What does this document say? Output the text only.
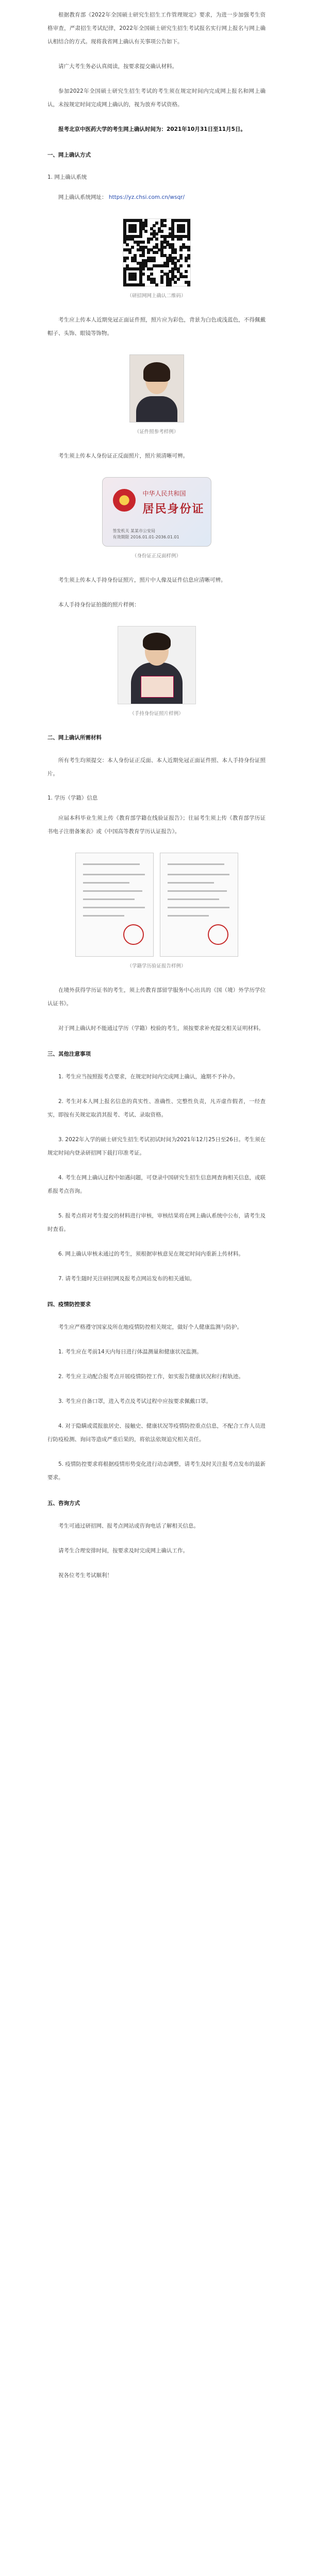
根据教育部《2022年全国硕士研究生招生工作管理规定》要求，为进一步加强考生资格审查，严肃招生考试纪律，2022年全国硕士研究生招生考试报名实行网上报名与网上确认相结合的方式。现将我省网上确认有关事项公告如下。

请广大考生务必认真阅读，按要求提交确认材料。

参加2022年全国硕士研究生招生考试的考生须在规定时间内完成网上报名和网上确认，未按规定时间完成网上确认的，视为放弃考试资格。

报考北京中医药大学的考生网上确认时间为：2021年10月31日至11月5日。

一、网上确认方式
1. 网上确认系统

网上确认系统网址： https://yz.chsi.com.cn/wsqr/

（研招网网上确认二维码）

考生应上传本人近期免冠正面证件照，照片应为彩色，背景为白色或浅蓝色，不得佩戴帽子、头饰、眼镜等饰物。

（证件照参考样例）

考生须上传本人身份证正反面照片，照片须清晰可辨。

中华人民共和国
居民身份证
签发机关 某某市公安局
有效期限 2016.01.01-2036.01.01
（身份证正反面样例）

考生须上传本人手持身份证照片，照片中人像及证件信息应清晰可辨。

本人手持身份证拍摄的照片样例：

（手持身份证照片样例）
二、网上确认所需材料

所有考生均须提交：本人身份证正反面、本人近期免冠正面证件照、本人手持身份证照片。

1. 学历（学籍）信息

应届本科毕业生须上传《教育部学籍在线验证报告》；往届考生须上传《教育部学历证书电子注册备案表》或《中国高等教育学历认证报告》。

（学籍学历验证报告样例）

在境外获得学历证书的考生，须上传教育部留学服务中心出具的《国（境）外学历学位认证书》。

对于网上确认时不能通过学历（学籍）校验的考生，须按要求补充提交相关证明材料。

三、其他注意事项

1. 考生应当按照报考点要求，在规定时间内完成网上确认，逾期不予补办。

2. 考生对本人网上报名信息的真实性、准确性、完整性负责，凡弄虚作假者，一经查实，即按有关规定取消其报考、考试、录取资格。

3. 2022年入学的硕士研究生招生考试初试时间为2021年12月25日至26日。考生须在规定时间内登录研招网下载打印准考证。

4. 考生在网上确认过程中如遇问题，可登录中国研究生招生信息网查询相关信息，或联系报考点咨询。

5. 报考点将对考生提交的材料进行审核，审核结果将在网上确认系统中公布，请考生及时查看。

6. 网上确认审核未通过的考生，须根据审核意见在规定时间内重新上传材料。

7. 请考生随时关注研招网及报考点网站发布的相关通知。

四、疫情防控要求

考生应严格遵守国家及所在地疫情防控相关规定，做好个人健康监测与防护。

1. 考生应在考前14天内每日进行体温测量和健康状况监测。

2. 考生应主动配合报考点开展疫情防控工作，如实报告健康状况和行程轨迹。

3. 考生应自备口罩，进入考点及考试过程中应按要求佩戴口罩。

4. 对于隐瞒或谎报旅居史、接触史、健康状况等疫情防控重点信息，不配合工作人员进行防疫检测、询问等造成严重后果的，将依法依规追究相关责任。

5. 疫情防控要求将根据疫情形势变化进行动态调整，请考生及时关注报考点发布的最新要求。

五、咨询方式

考生可通过研招网、报考点网站或咨询电话了解相关信息。

请考生合理安排时间，按要求及时完成网上确认工作。

祝各位考生考试顺利！
